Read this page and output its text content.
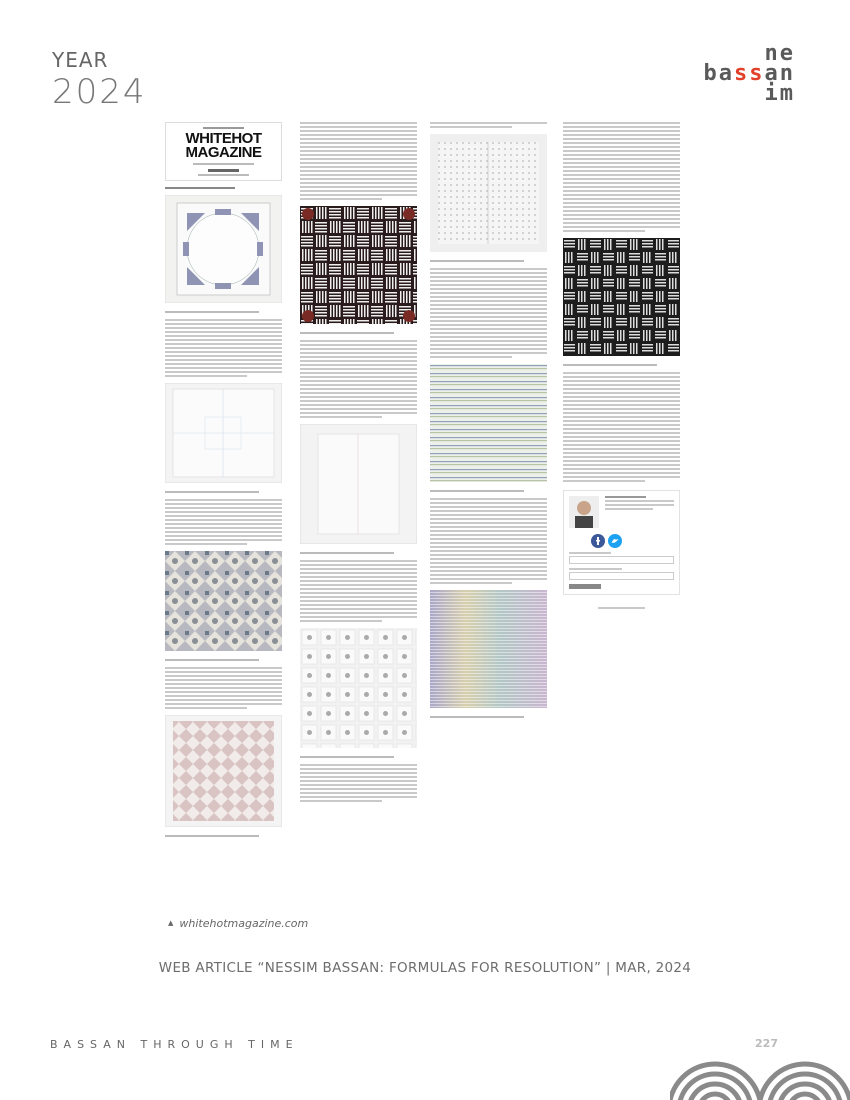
YEAR
2024
ne
bassan
im
WHITEHOT
MAGAZINE
▲ whitehotmagazine.com
WEB ARTICLE “NESSIM BASSAN: FORMULAS FOR RESOLUTION” | MAR, 2024
BASSAN THROUGH TIME	227
